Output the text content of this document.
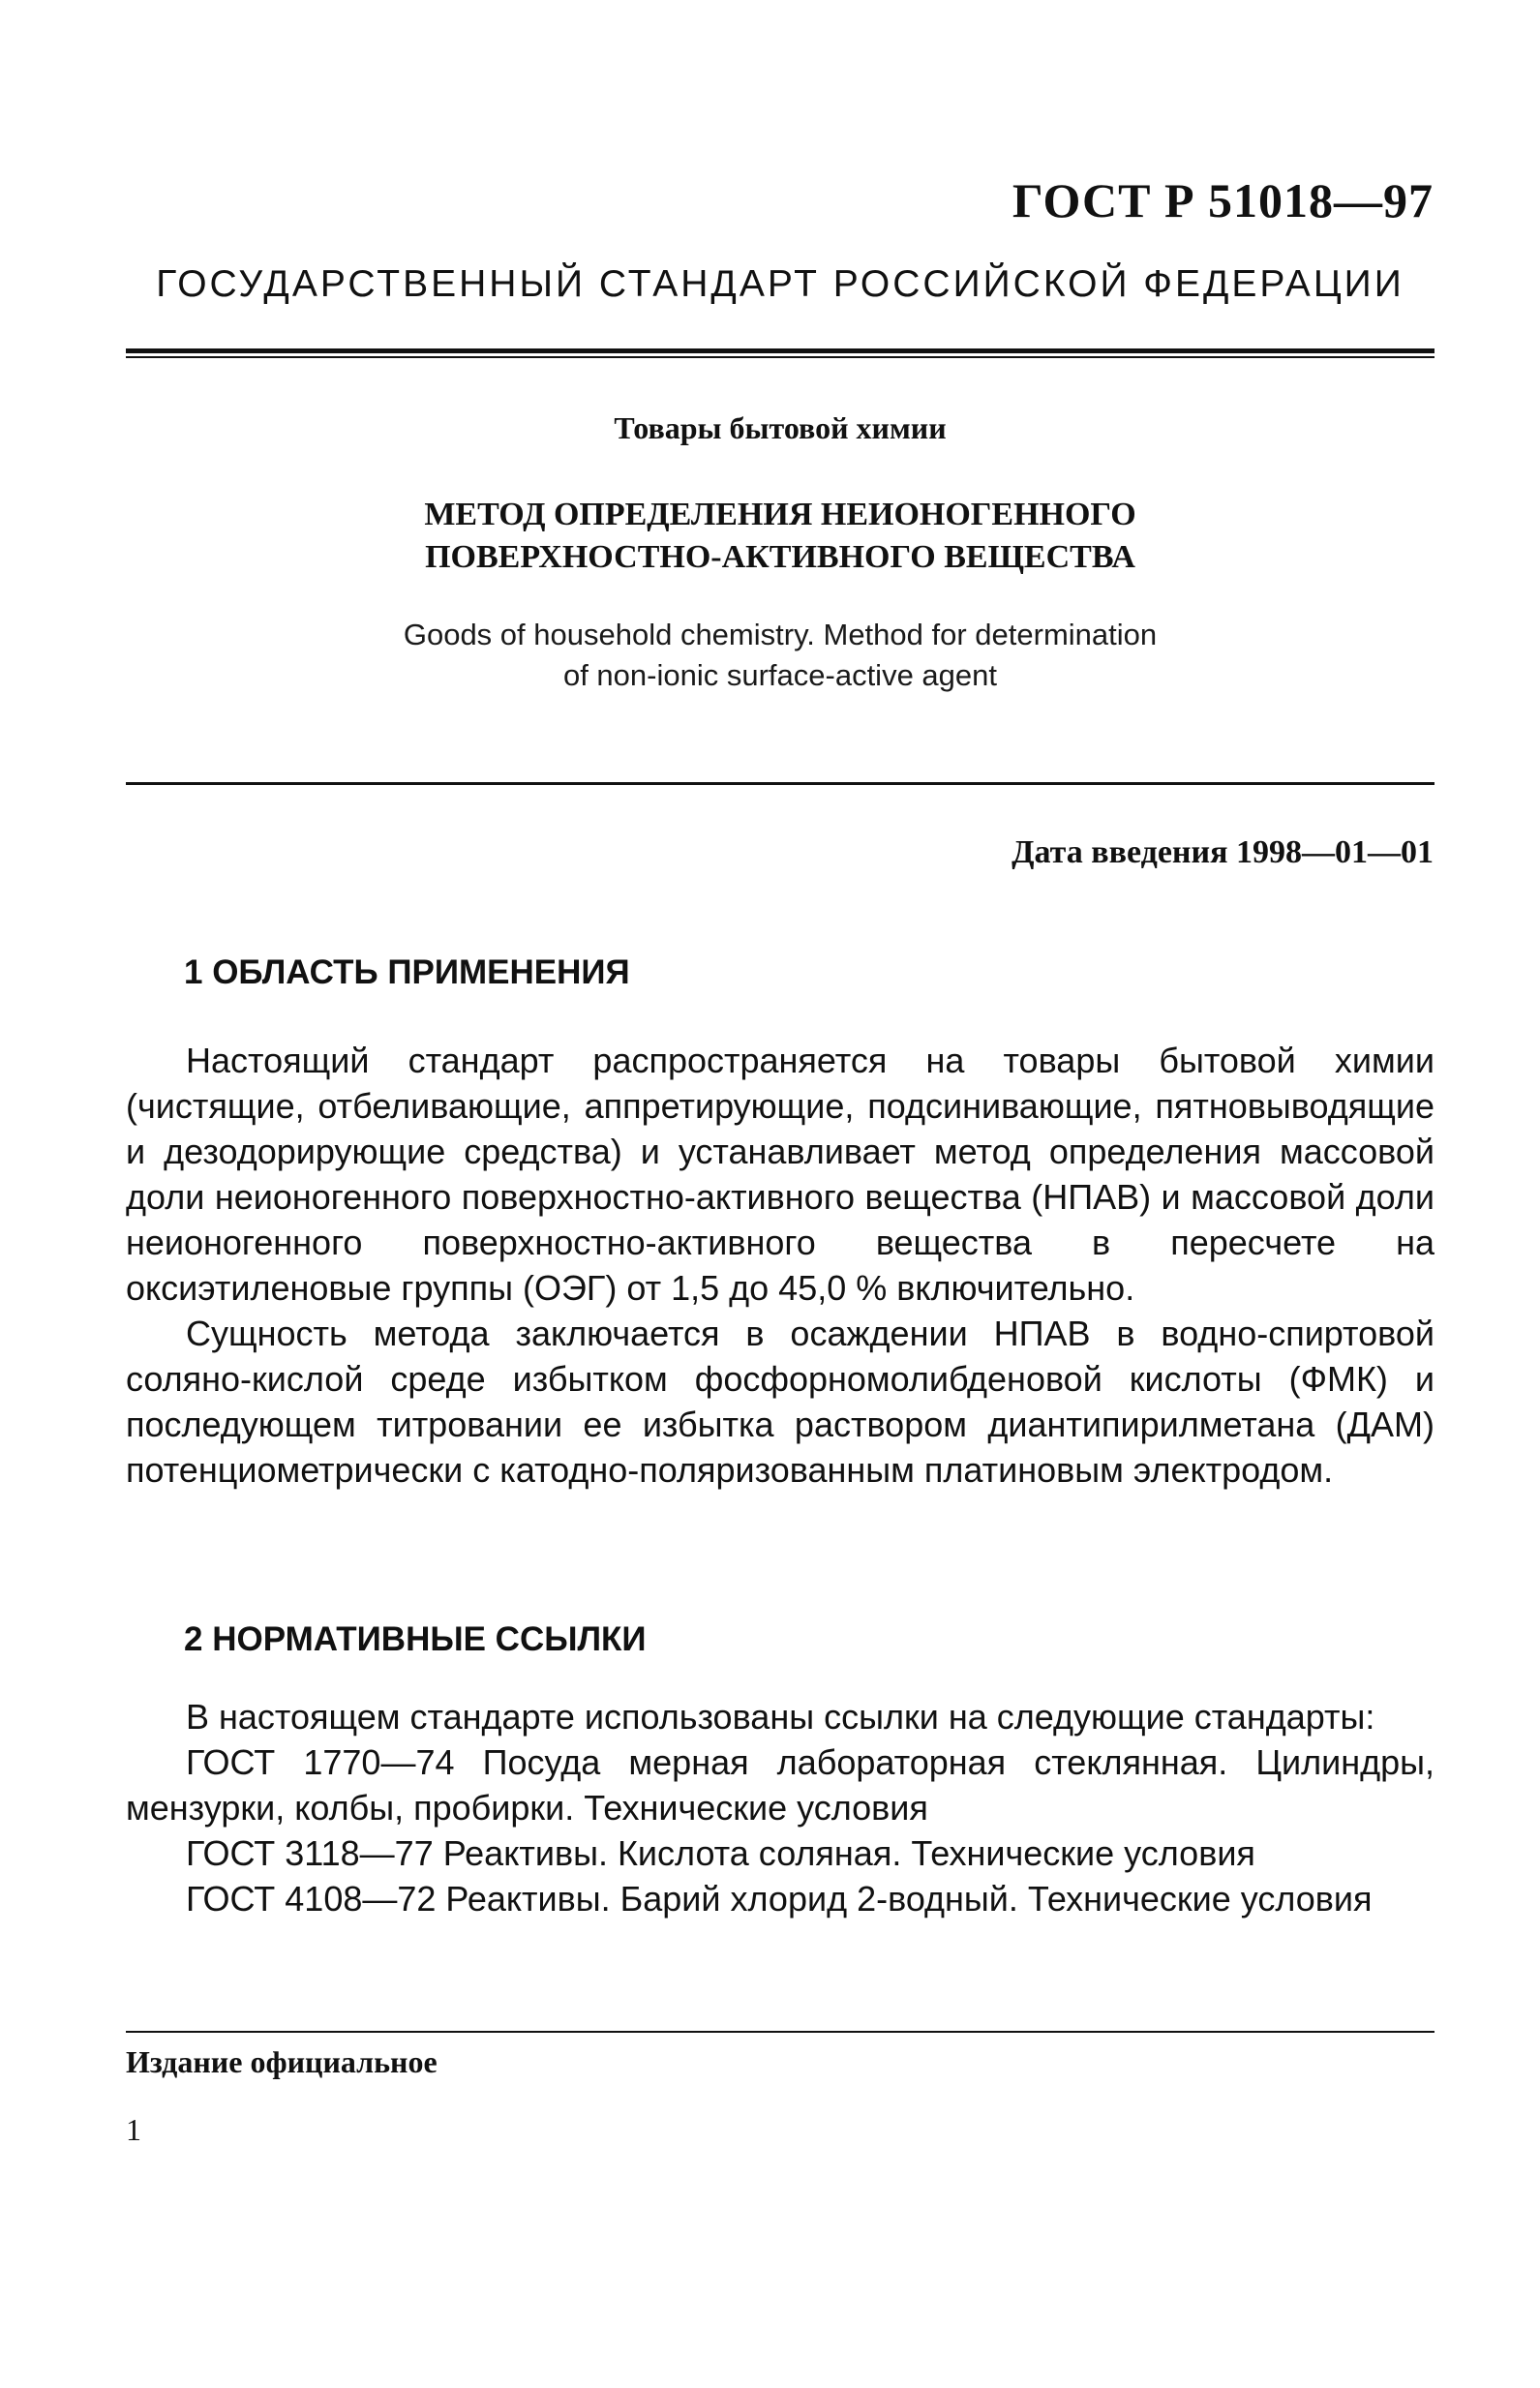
ГОСТ Р 51018—97
ГОСУДАРСТВЕННЫЙ СТАНДАРТ РОССИЙСКОЙ ФЕДЕРАЦИИ
Товары бытовой химии
МЕТОД ОПРЕДЕЛЕНИЯ НЕИОНОГЕННОГО
ПОВЕРХНОСТНО-АКТИВНОГО ВЕЩЕСТВА
Goods of household chemistry. Method for determination
of non-ionic surface-active agent
Дата введения 1998—01—01
1 ОБЛАСТЬ ПРИМЕНЕНИЯ

Настоящий стандарт распространяется на товары бытовой химии (чистящие, отбеливающие, аппретирующие, подсинивающие, пятновыводящие и дезодорирующие средства) и устанавливает метод определения массовой доли неионогенного поверхностно-активного вещества (НПАВ) и массовой доли неионогенного поверхностно-активного вещества в пересчете на оксиэтиленовые группы (ОЭГ) от 1,5 до 45,0 % включительно.

Сущность метода заключается в осаждении НПАВ в водно-спиртовой соляно-кислой среде избытком фосфорномолибденовой кислоты (ФМК) и последующем титровании ее избытка раствором диантипирилметана (ДАМ) потенциометрически с катодно-поляризованным платиновым электродом.

2 НОРМАТИВНЫЕ ССЫЛКИ

В настоящем стандарте использованы ссылки на следующие стандарты:

ГОСТ 1770—74 Посуда мерная лабораторная стеклянная. Цилиндры, мензурки, колбы, пробирки. Технические условия

ГОСТ 3118—77 Реактивы. Кислота соляная. Технические условия

ГОСТ 4108—72 Реактивы. Барий хлорид 2-водный. Технические условия

Издание официальное
1
